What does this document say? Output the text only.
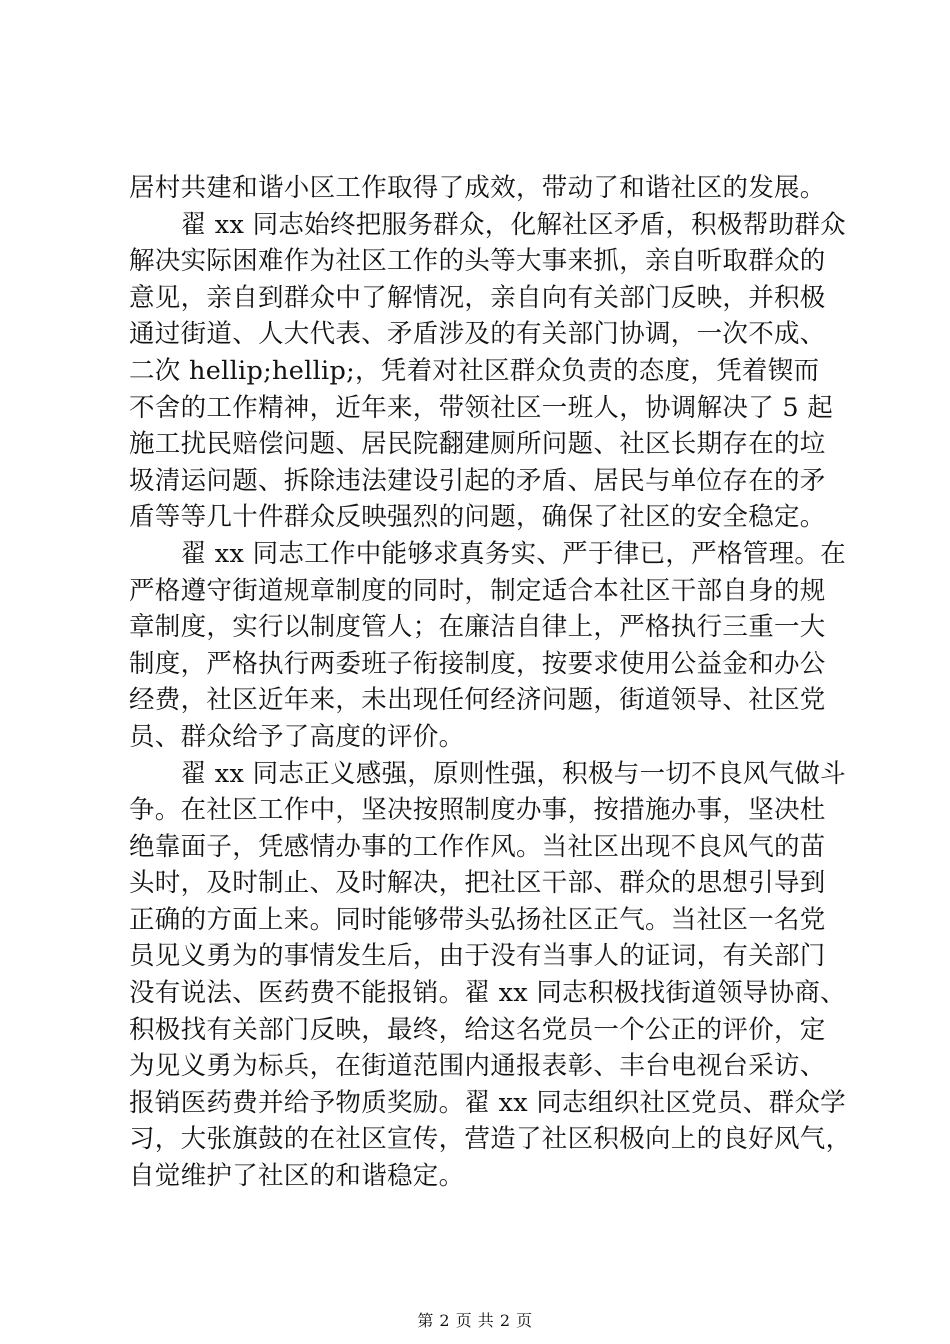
居村共建和谐小区工作取得了成效，带动了和谐社区的发展。
　　翟 xx 同志始终把服务群众，化解社区矛盾，积极帮助群众
解决实际困难作为社区工作的头等大事来抓，亲自听取群众的
意见，亲自到群众中了解情况，亲自向有关部门反映，并积极
通过街道、人大代表、矛盾涉及的有关部门协调，一次不成、
二次 hellip;hellip;，凭着对社区群众负责的态度，凭着锲而
不舍的工作精神，近年来，带领社区一班人，协调解决了 5 起
施工扰民赔偿问题、居民院翻建厕所问题、社区长期存在的垃
圾清运问题、拆除违法建设引起的矛盾、居民与单位存在的矛
盾等等几十件群众反映强烈的问题，确保了社区的安全稳定。
　　翟 xx 同志工作中能够求真务实、严于律已，严格管理。在
严格遵守街道规章制度的同时，制定适合本社区干部自身的规
章制度，实行以制度管人；在廉洁自律上，严格执行三重一大
制度，严格执行两委班子衔接制度，按要求使用公益金和办公
经费，社区近年来，未出现任何经济问题，街道领导、社区党
员、群众给予了高度的评价。
　　翟 xx 同志正义感强，原则性强，积极与一切不良风气做斗
争。在社区工作中，坚决按照制度办事，按措施办事，坚决杜
绝靠面子，凭感情办事的工作作风。当社区出现不良风气的苗
头时，及时制止、及时解决，把社区干部、群众的思想引导到
正确的方面上来。同时能够带头弘扬社区正气。当社区一名党
员见义勇为的事情发生后，由于没有当事人的证词，有关部门
没有说法、医药费不能报销。翟 xx 同志积极找街道领导协商、
积极找有关部门反映，最终，给这名党员一个公正的评价，定
为见义勇为标兵，在街道范围内通报表彰、丰台电视台采访、
报销医药费并给予物质奖励。翟 xx 同志组织社区党员、群众学
习，大张旗鼓的在社区宣传，营造了社区积极向上的良好风气，
自觉维护了社区的和谐稳定。
第 2 页 共 2 页
